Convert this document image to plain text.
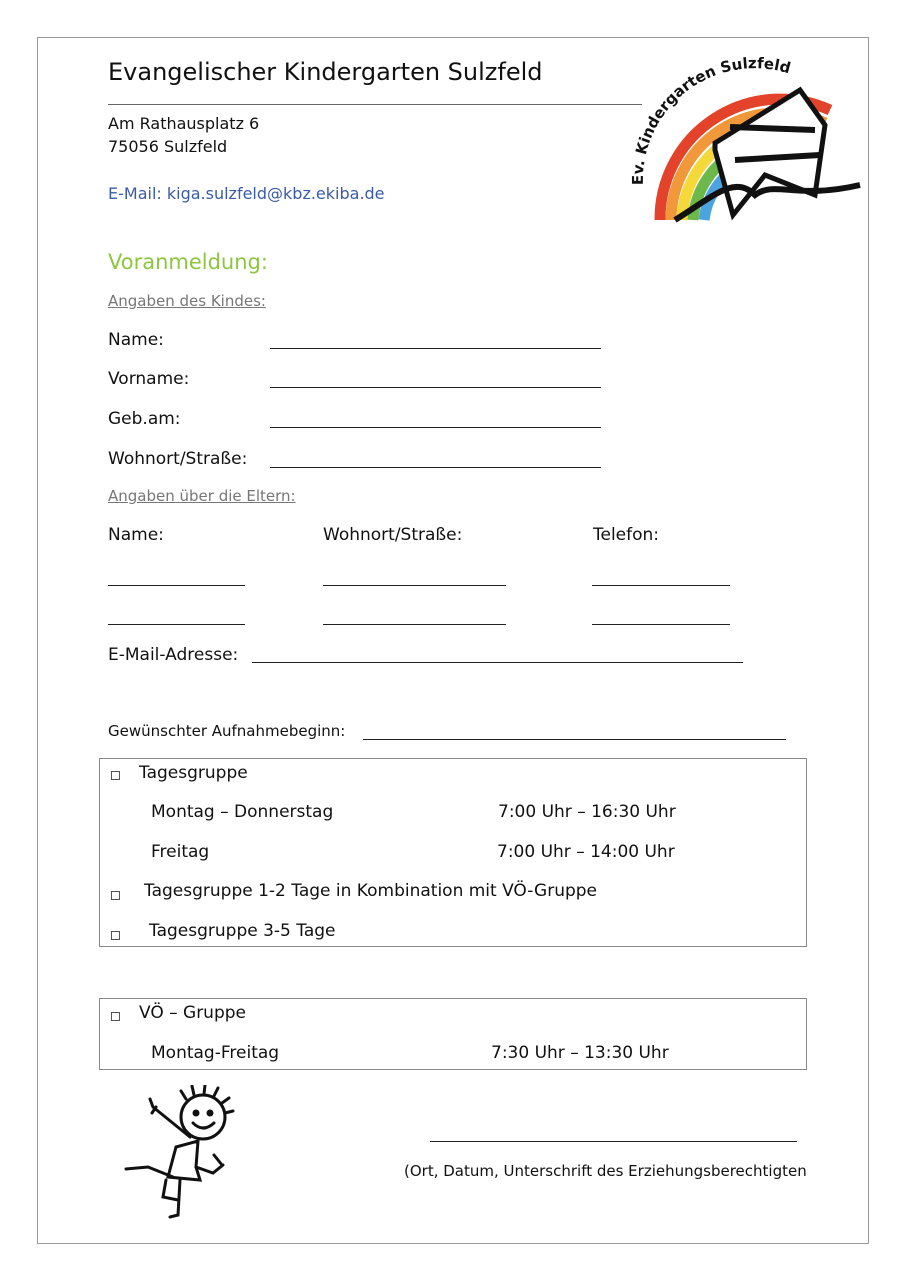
Evangelischer Kindergarten Sulzfeld
Am Rathausplatz 6
75056 Sulzfeld
E-Mail: kiga.sulzfeld@kbz.ekiba.de
Ev. Kindergarten Sulzfeld
Voranmeldung:
Angaben des Kindes:
Name:
Vorname:
Geb.am:
Wohnort/Straße:
Angaben über die Eltern:
Name:	Wohnort/Straße:	Telefon:
E-Mail-Adresse:
Gewünschter Aufnahmebeginn:
Tagesgruppe
Montag – Donnerstag	7:00 Uhr – 16:30 Uhr
Freitag	7:00 Uhr – 14:00 Uhr
Tagesgruppe 1-2 Tage in Kombination mit VÖ-Gruppe
Tagesgruppe 3-5 Tage
VÖ – Gruppe
Montag-Freitag	7:30 Uhr – 13:30 Uhr
(Ort, Datum, Unterschrift des Erziehungsberechtigten
